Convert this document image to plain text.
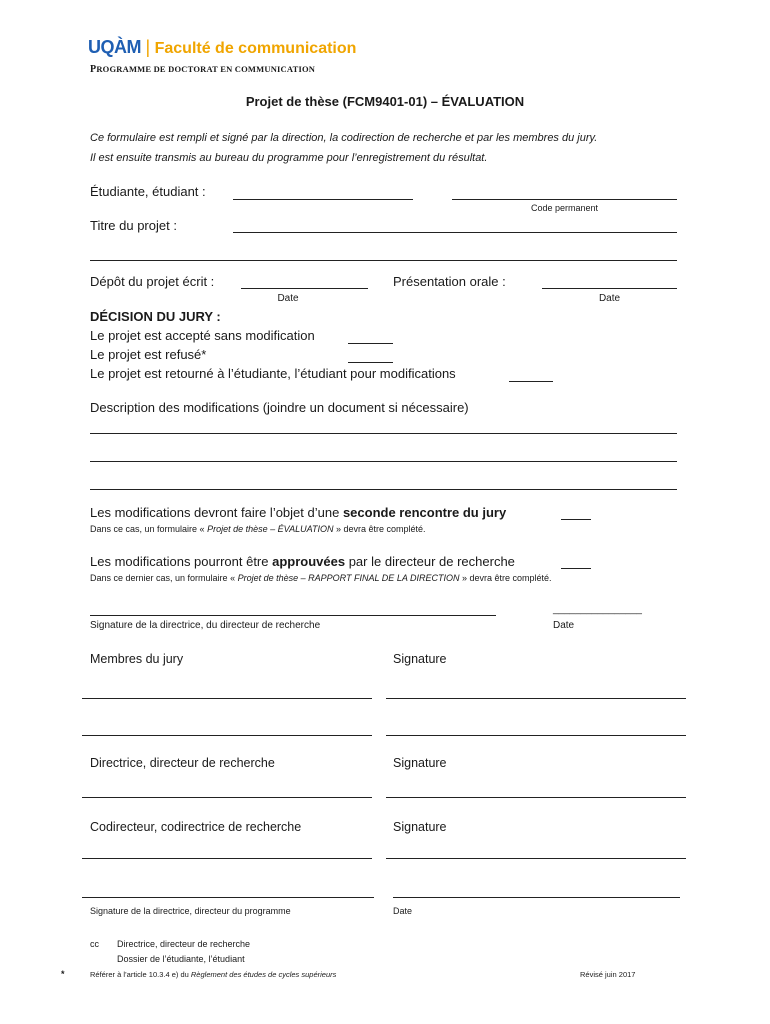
UQÀM | Faculté de communication
PROGRAMME DE DOCTORAT EN COMMUNICATION
Projet de thèse (FCM9401-01) – ÉVALUATION
Ce formulaire est rempli et signé par la direction, la codirection de recherche et par les membres du jury.
Il est ensuite transmis au bureau du programme pour l’enregistrement du résultat.
Étudiante, étudiant :
Code permanent
Titre du projet :
Dépôt du projet écrit :
Date
Présentation orale :
Date
DÉCISION DU JURY :
Le projet est accepté sans modification
Le projet est refusé*
Le projet est retourné à l’étudiante, l’étudiant pour modifications
Description des modifications (joindre un document si nécessaire)
Les modifications devront faire l’objet d’une seconde rencontre du jury
Dans ce cas, un formulaire « Projet de thèse – ÉVALUATION » devra être complété.
Les modifications pourront être approuvées par le directeur de recherche
Dans ce dernier cas, un formulaire « Projet de thèse – RAPPORT FINAL DE LA DIRECTION » devra être complété.
________________
Signature de la directrice, du directeur de recherche	Date
Membres du jury	Signature
Directrice, directeur de recherche	Signature
Codirecteur, codirectrice de recherche	Signature
Signature de la directrice, directeur du programme	Date
cc Directrice, directeur de recherche
Dossier de l’étudiante, l’étudiant
*	Référer à l’article 10.3.4 e) du Règlement des études de cycles supérieurs	Révisé juin 2017
